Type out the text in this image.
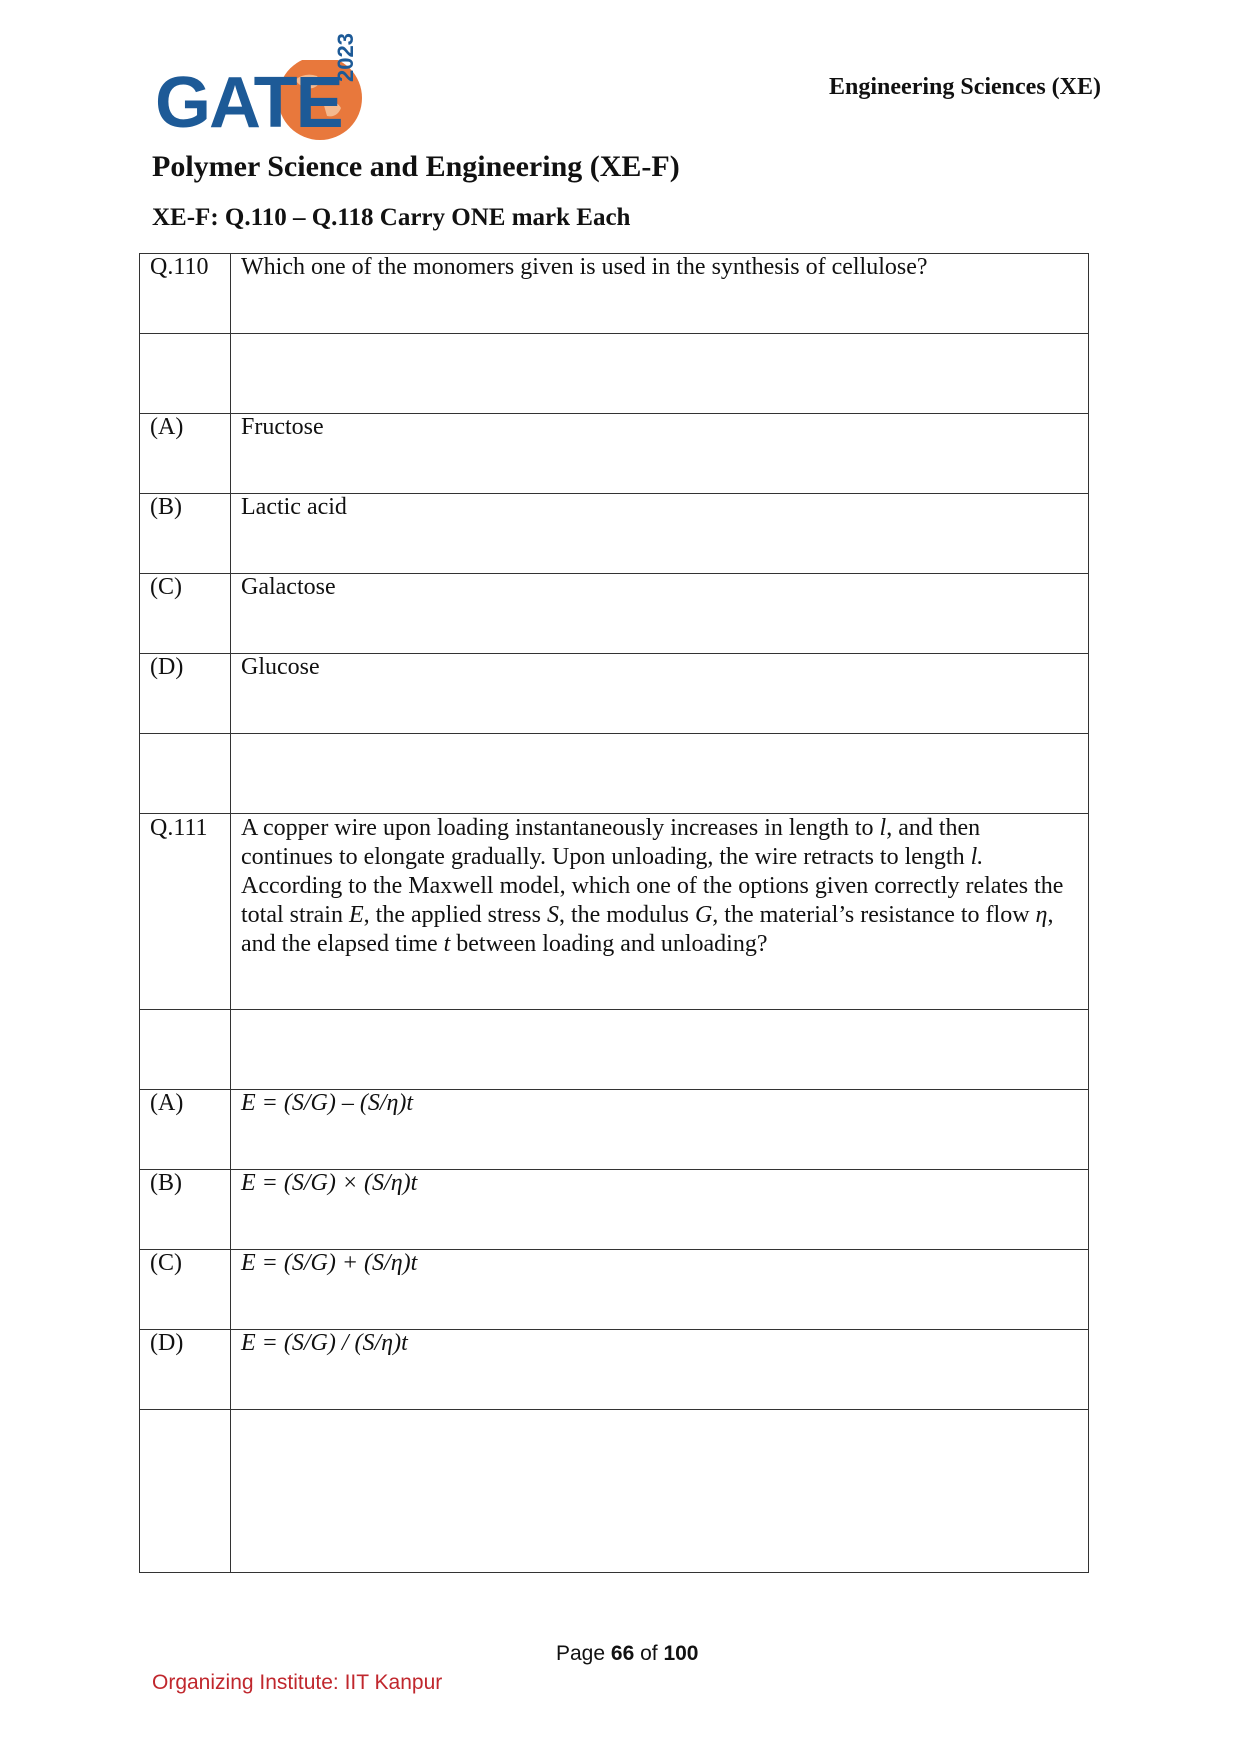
GATE
2023
Engineering Sciences (XE)
Polymer Science and Engineering (XE-F)
XE-F: Q.110 – Q.118 Carry ONE mark Each
Q.110	Which one of the monomers given is used in the synthesis of cellulose?

(A)	Fructose
(B)	Lactic acid
(C)	Galactose
(D)	Glucose

Q.111	A copper wire upon loading instantaneously increases in length to l, and then continues to elongate gradually. Upon unloading, the wire retracts to length l. According to the Maxwell model, which one of the options given correctly relates the total strain E, the applied stress S, the modulus G, the material’s resistance to flow η, and the elapsed time t between loading and unloading?

(A)	E = (S/G) – (S/η)t
(B)	E = (S/G) × (S/η)t
(C)	E = (S/G) + (S/η)t
(D)	E = (S/G) / (S/η)t

Page 66 of 100
Organizing Institute: IIT Kanpur
